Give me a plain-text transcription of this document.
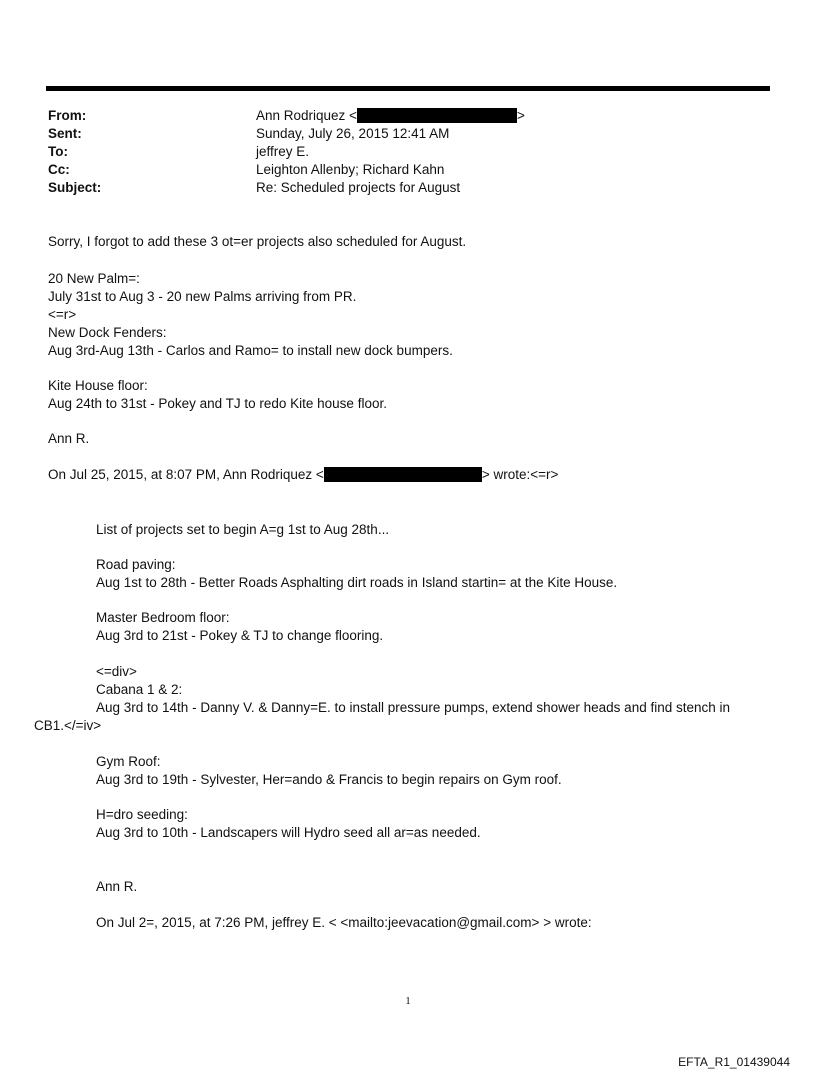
From:	Ann Rodriquez <	>
Sent:	Sunday, July 26, 2015 12:41 AM
To:	jeffrey E.
Cc:	Leighton Allenby; Richard Kahn
Subject:	Re: Scheduled projects for August
Sorry, I forgot to add these 3 ot=er projects also scheduled for August.
20 New Palm=:
July 31st to Aug 3 - 20 new Palms arriving from PR.
<=r>
New Dock Fenders:
Aug 3rd-Aug 13th - Carlos and Ramo= to install new dock bumpers.
Kite House floor:
Aug 24th to 31st - Pokey and TJ to redo Kite house floor.
Ann R.
On Jul 25, 2015, at 8:07 PM, Ann Rodriquez <	> wrote:<=r>
List of projects set to begin A=g 1st to Aug 28th...
Road paving:
Aug 1st to 28th - Better Roads Asphalting dirt roads in Island startin= at the Kite House.
Master Bedroom floor:
Aug 3rd to 21st - Pokey & TJ to change flooring.
<=div>
Cabana 1 & 2:
Aug 3rd to 14th - Danny V. & Danny=E. to install pressure pumps, extend shower heads and find stench in
CB1.</=iv>
Gym Roof:
Aug 3rd to 19th - Sylvester, Her=ando & Francis to begin repairs on Gym roof.
H=dro seeding:
Aug 3rd to 10th - Landscapers will Hydro seed all ar=as needed.
Ann R.
On Jul 2=, 2015, at 7:26 PM, jeffrey E. < <mailto:jeevacation@gmail.com> > wrote:
1
EFTA_R1_01439044
